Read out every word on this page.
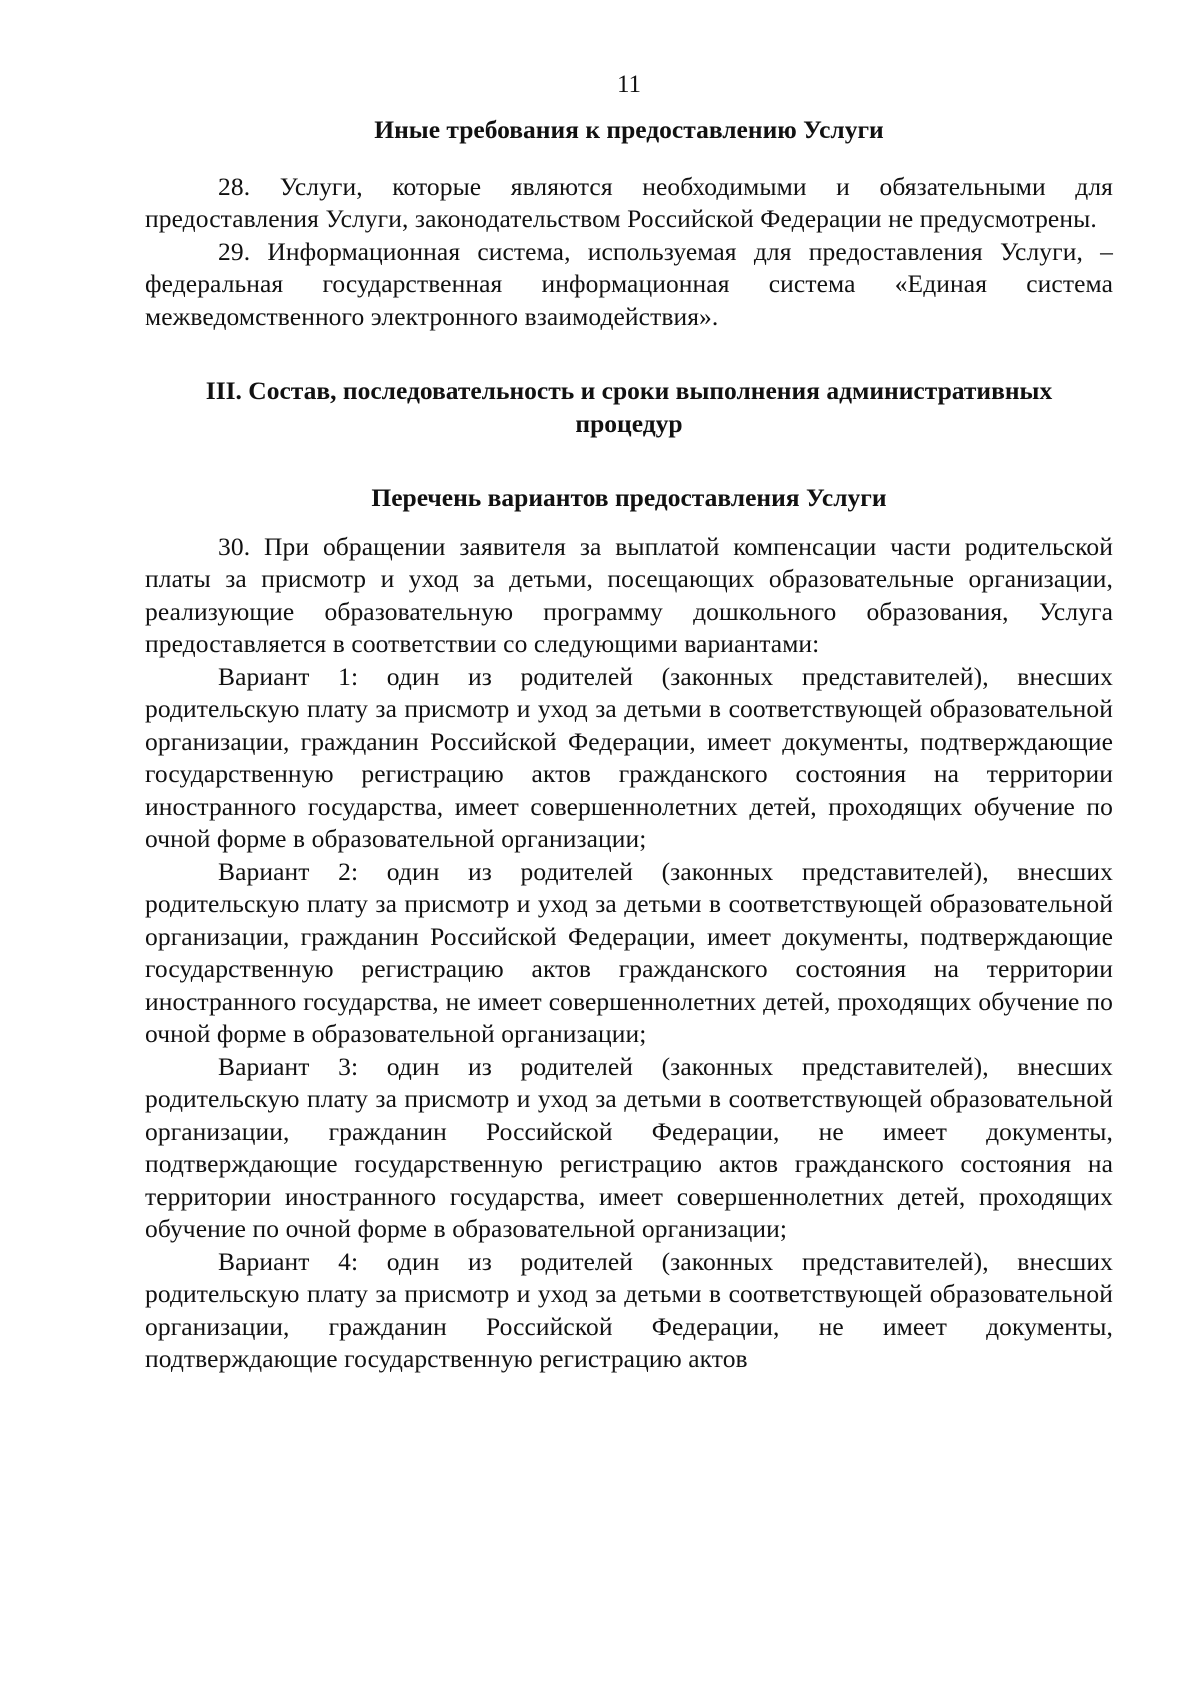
11
Иные требования к предоставлению Услуги

28. Услуги, которые являются необходимыми и обязательными для предоставления Услуги, законодательством Российской Федерации не предусмотрены.

29. Информационная система, используемая для предоставления Услуги, – федеральная государственная информационная система «Единая система межведомственного электронного взаимодействия».

III. Состав, последовательность и сроки выполнения административных
процедур
Перечень вариантов предоставления Услуги

30. При обращении заявителя за выплатой компенсации части родительской платы за присмотр и уход за детьми, посещающих образовательные организации, реализующие образовательную программу дошкольного образования, Услуга предоставляется в соответствии со следующими вариантами:

Вариант 1: один из родителей (законных представителей), внесших родительскую плату за присмотр и уход за детьми в соответствующей образовательной организации, гражданин Российской Федерации, имеет документы, подтверждающие государственную регистрацию актов гражданского состояния на территории иностранного государства, имеет совершеннолетних детей, проходящих обучение по очной форме в образовательной организации;

Вариант 2: один из родителей (законных представителей), внесших родительскую плату за присмотр и уход за детьми в соответствующей образовательной организации, гражданин Российской Федерации, имеет документы, подтверждающие государственную регистрацию актов гражданского состояния на территории иностранного государства, не имеет совершеннолетних детей, проходящих обучение по очной форме в образовательной организации;

Вариант 3: один из родителей (законных представителей), внесших родительскую плату за присмотр и уход за детьми в соответствующей образовательной организации, гражданин Российской Федерации, не имеет документы, подтверждающие государственную регистрацию актов гражданского состояния на территории иностранного государства, имеет совершеннолетних детей, проходящих обучение по очной форме в образовательной организации;

Вариант 4: один из родителей (законных представителей), внесших родительскую плату за присмотр и уход за детьми в соответствующей образовательной организации, гражданин Российской Федерации, не имеет документы, подтверждающие государственную регистрацию актов
